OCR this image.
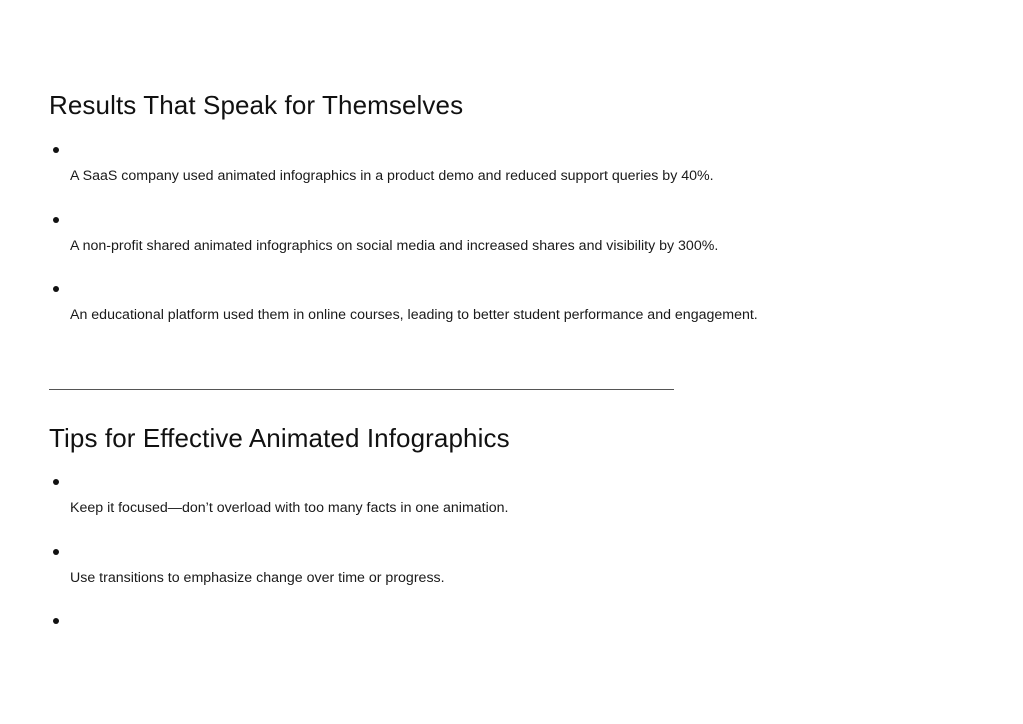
Results That Speak for Themselves
A SaaS company used animated infographics in a product demo and reduced support queries by 40%.
A non-profit shared animated infographics on social media and increased shares and visibility by 300%.
An educational platform used them in online courses, leading to better student performance and engagement.
Tips for Effective Animated Infographics
Keep it focused—don’t overload with too many facts in one animation.
Use transitions to emphasize change over time or progress.
